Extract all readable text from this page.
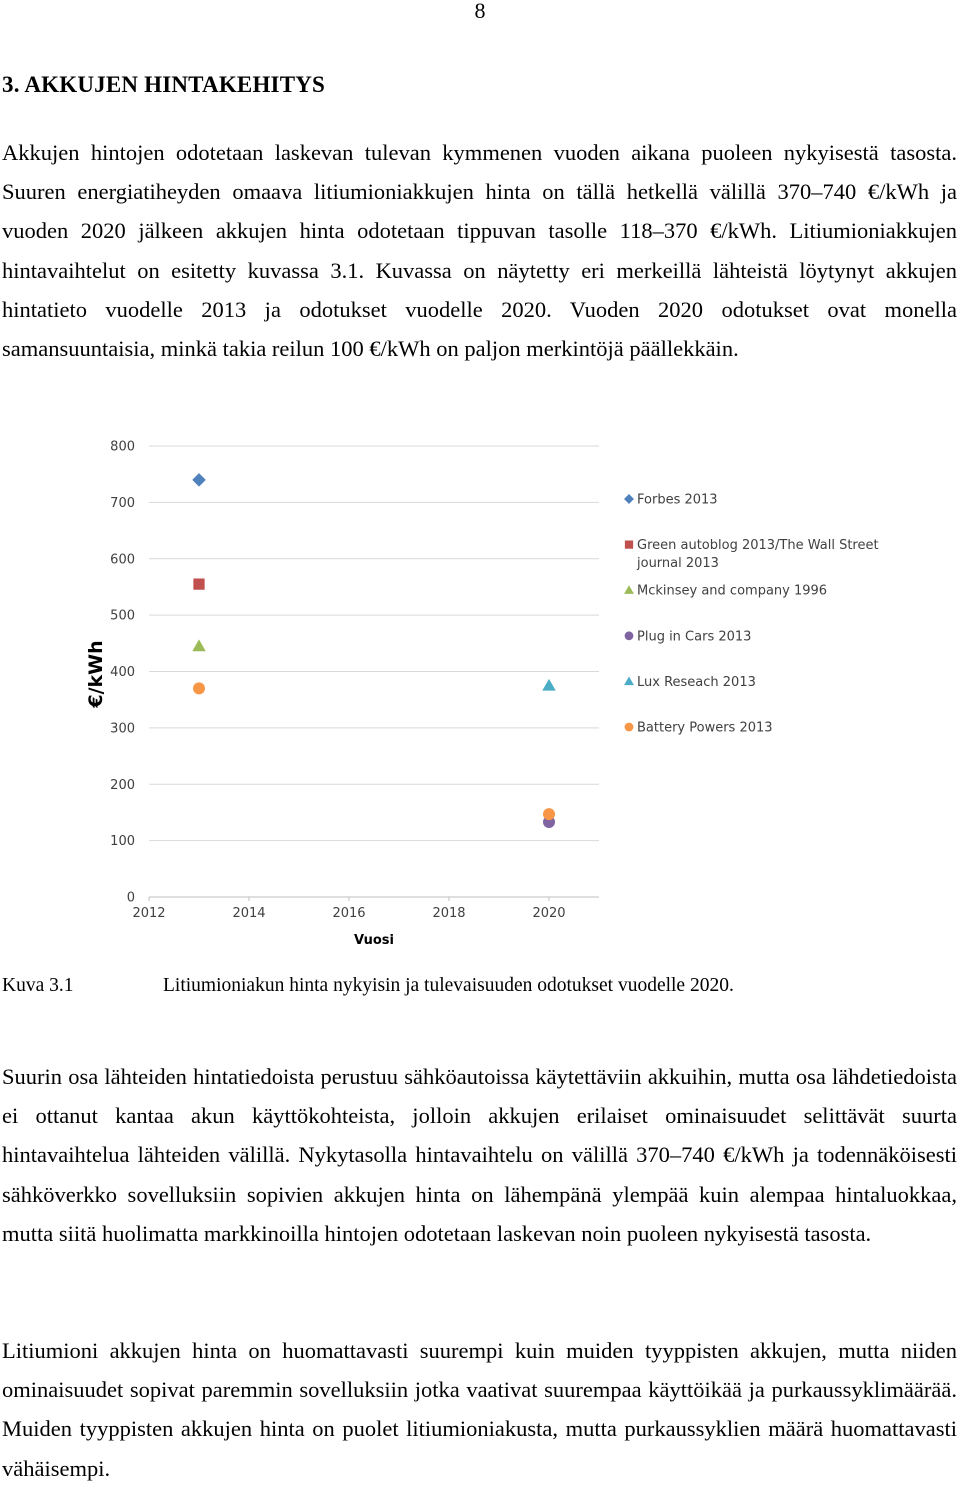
8
3. AKKUJEN HINTAKEHITYS

Akkujen hintojen odotetaan laskevan tulevan kymmenen vuoden aikana puoleen nykyisestä tasosta. Suuren energiatiheyden omaava litiumioniakkujen hinta on tällä hetkellä välillä 370–740 €/kWh ja vuoden 2020 jälkeen akkujen hinta odotetaan tippuvan tasolle 118–370 €/kWh. Litiumioniakkujen hintavaihtelut on esitetty kuvassa 3.1. Kuvassa on näytetty eri merkeillä lähteistä löytynyt akkujen hintatieto vuodelle 2013 ja odotukset vuodelle 2020. Vuoden 2020 odotukset ovat monella samansuuntaisia, minkä takia reilun 100 €/kWh on paljon merkintöjä päällekkäin.

0
100
200
300
400
500
600
700
800
2012	2014	2016	2018	2020
Forbes 2013
Green autoblog 2013/The Wall Street
journal 2013
Mckinsey and company 1996
Plug in Cars 2013
Lux Reseach 2013
Battery Powers 2013
Vuosi
€/kWh
Kuva 3.1	Litiumioniakun hinta nykyisin ja tulevaisuuden odotukset vuodelle 2020.

Suurin osa lähteiden hintatiedoista perustuu sähköautoissa käytettäviin akkuihin, mutta osa lähdetiedoista ei ottanut kantaa akun käyttökohteista, jolloin akkujen erilaiset ominaisuudet selittävät suurta hintavaihtelua lähteiden välillä. Nykytasolla hintavaihtelu on välillä 370–740 €/kWh ja todennäköisesti sähköverkko sovelluksiin sopivien akkujen hinta on lähempänä ylempää kuin alempaa hintaluokkaa, mutta siitä huolimatta markkinoilla hintojen odotetaan laskevan noin puoleen nykyisestä tasosta.

Litiumioni akkujen hinta on huomattavasti suurempi kuin muiden tyyppisten akkujen, mutta niiden ominaisuudet sopivat paremmin sovelluksiin jotka vaativat suurempaa käyttöikää ja purkaussyklimäärää. Muiden tyyppisten akkujen hinta on puolet litiumioniakusta, mutta purkaussyklien määrä huomattavasti vähäisempi.
